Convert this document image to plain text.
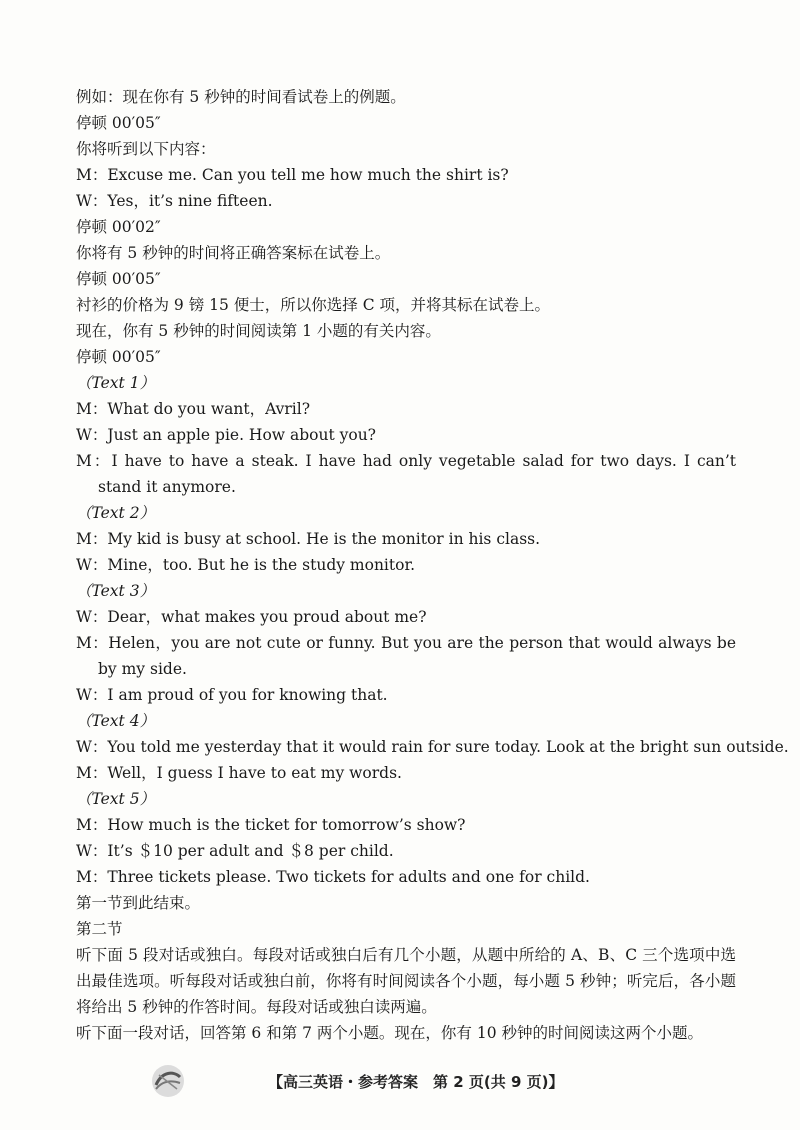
例如：现在你有 5 秒钟的时间看试卷上的例题。
停顿 00′05″
你将听到以下内容：
M：Excuse me. Can you tell me how much the shirt is?
W：Yes，it’s nine fifteen.
停顿 00′02″
你将有 5 秒钟的时间将正确答案标在试卷上。
停顿 00′05″
衬衫的价格为 9 镑 15 便士，所以你选择 C 项，并将其标在试卷上。
现在，你有 5 秒钟的时间阅读第 1 小题的有关内容。
停顿 00′05″
（Text 1）
M：What do you want，Avril?
W：Just an apple pie. How about you?
M：I have to have a steak. I have had only vegetable salad for two days. I can’t stand it anymore.
（Text 2）
M：My kid is busy at school. He is the monitor in his class.
W：Mine，too. But he is the study monitor.
（Text 3）
W：Dear，what makes you proud about me?
M：Helen，you are not cute or funny. But you are the person that would always be by my side.
W：I am proud of you for knowing that.
（Text 4）
W：You told me yesterday that it would rain for sure today. Look at the bright sun outside.
M：Well，I guess I have to eat my words.
（Text 5）
M：How much is the ticket for tomorrow’s show?
W：It’s ＄10 per adult and ＄8 per child.
M：Three tickets please. Two tickets for adults and one for child.
第一节到此结束。
第二节
听下面 5 段对话或独白。每段对话或独白后有几个小题，从题中所给的 A、B、C 三个选项中选出最佳选项。听每段对话或独白前，你将有时间阅读各个小题，每小题 5 秒钟；听完后，各小题将给出 5 秒钟的作答时间。每段对话或独白读两遍。
听下面一段对话，回答第 6 和第 7 两个小题。现在，你有 10 秒钟的时间阅读这两个小题。
【高三英语・参考答案　第 2 页(共 9 页)】
